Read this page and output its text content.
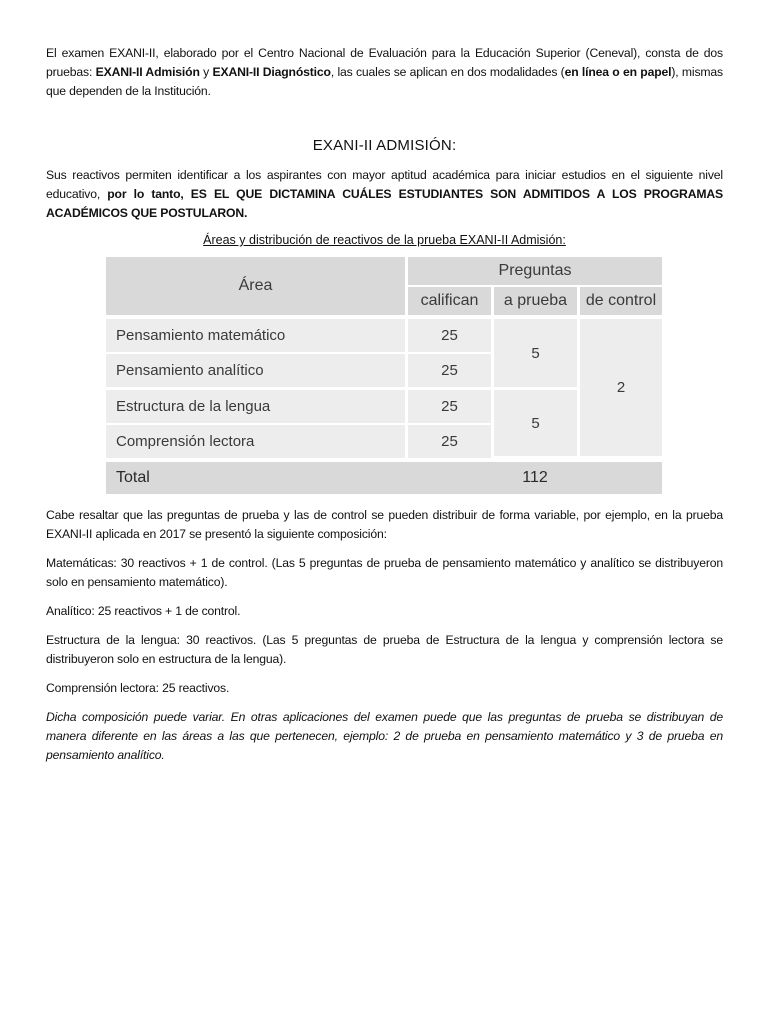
El examen EXANI-II, elaborado por el Centro Nacional de Evaluación para la Educación Superior (Ceneval), consta de dos pruebas: EXANI-II Admisión y EXANI-II Diagnóstico, las cuales se aplican en dos modalidades (en línea o en papel), mismas que dependen de la Institución.

EXANI-II ADMISIÓN:

Sus reactivos permiten identificar a los aspirantes con mayor aptitud académica para iniciar estudios en el siguiente nivel educativo, por lo tanto, ES EL QUE DICTAMINA CUÁLES ESTUDIANTES SON ADMITIDOS A LOS PROGRAMAS ACADÉMICOS QUE POSTULARON.

Áreas y distribución de reactivos de la prueba EXANI-II Admisión:
Área	Preguntas		
	califican	a prueba	de control

Pensamiento matemático	25	5	2
Pensamiento analítico	25		
Estructura de la lengua	25	5	
Comprensión lectora	25		

Total	112		

Cabe resaltar que las preguntas de prueba y las de control se pueden distribuir de forma variable, por ejemplo, en la prueba EXANI-II aplicada en 2017 se presentó la siguiente composición:

Matemáticas: 30 reactivos + 1 de control. (Las 5 preguntas de prueba de pensamiento matemático y analítico se distribuyeron solo en pensamiento matemático).

Analítico: 25 reactivos + 1 de control.

Estructura de la lengua: 30 reactivos. (Las 5 preguntas de prueba de Estructura de la lengua y comprensión lectora se distribuyeron solo en estructura de la lengua).

Comprensión lectora: 25 reactivos.

Dicha composición puede variar. En otras aplicaciones del examen puede que las preguntas de prueba se distribuyan de manera diferente en las áreas a las que pertenecen, ejemplo: 2 de prueba en pensamiento matemático y 3 de prueba en pensamiento analítico.
